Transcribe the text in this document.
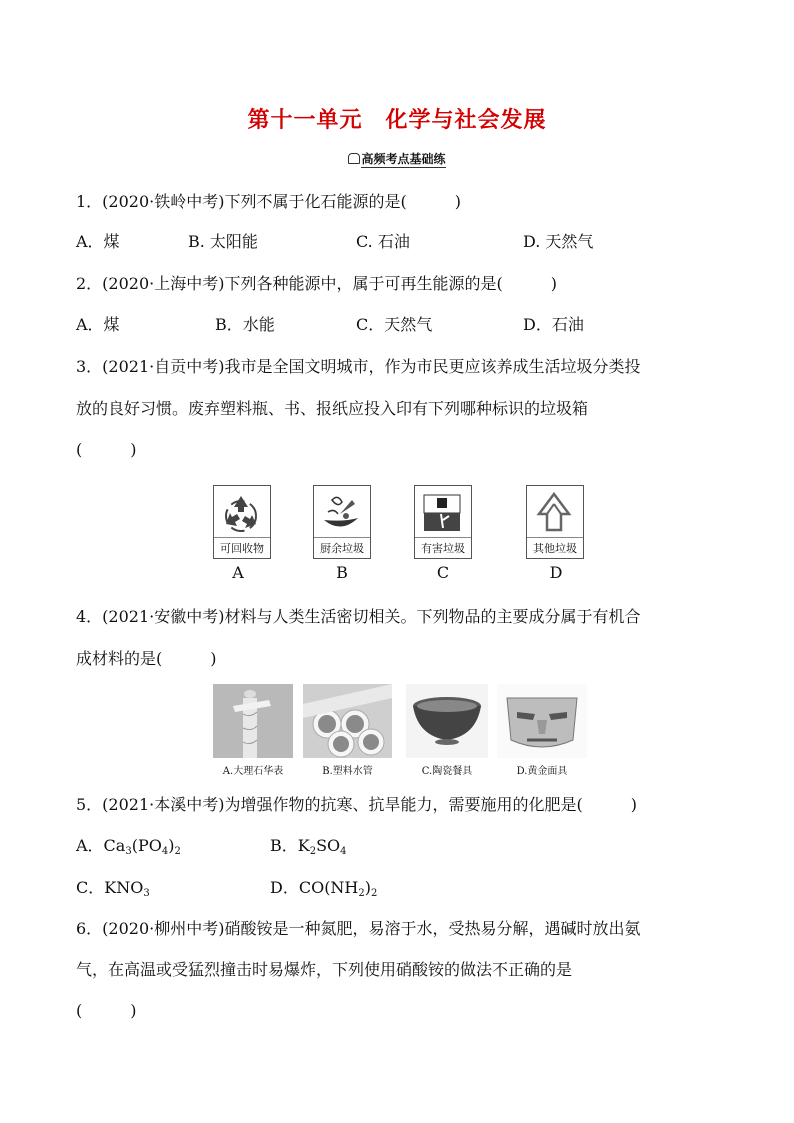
第十一单元　化学与社会发展
高频考点基础练
1．(2020·铁岭中考)下列不属于化石能源的是(　　　)
A．煤	B. 太阳能	C. 石油	D. 天然气
2．(2020·上海中考)下列各种能源中，属于可再生能源的是(　　　)
A．煤	B．水能	C．天然气	D．石油
3．(2021·自贡中考)我市是全国文明城市，作为市民更应该养成生活垃圾分类投
放的良好习惯。废弃塑料瓶、书、报纸应投入印有下列哪种标识的垃圾箱
(　　　)
可回收物	厨余垃圾	有害垃圾	其他垃圾
A	B	C	D
4．(2021·安徽中考)材料与人类生活密切相关。下列物品的主要成分属于有机合
成材料的是(　　　)
A.大理石华表	B.塑料水管	C.陶瓷餐具	D.黄金面具
5．(2021·本溪中考)为增强作物的抗寒、抗旱能力，需要施用的化肥是(　　　)
A．$Ca_3(PO_4)_2$	B．$K_2SO_4$
C．$KNO_3$	D．$CO(NH_2)_2$
6．(2020·柳州中考)硝酸铵是一种氮肥，易溶于水，受热易分解，遇碱时放出氨
气，在高温或受猛烈撞击时易爆炸，下列使用硝酸铵的做法不正确的是
(　　　)
